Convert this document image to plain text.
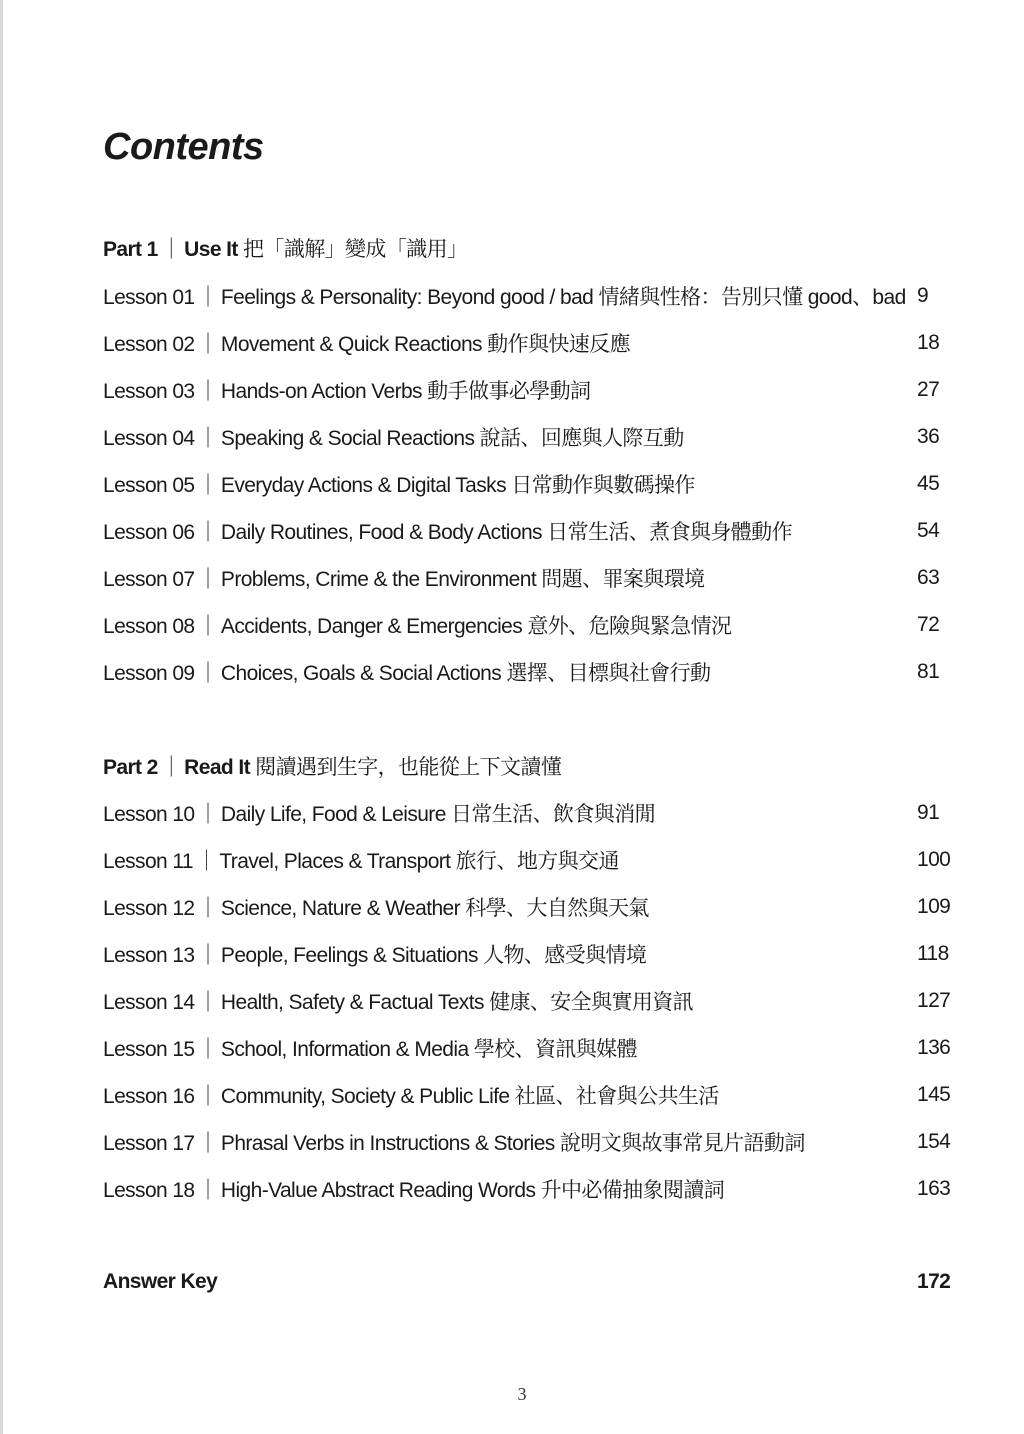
Contents
Part 1 ｜ Use It 把「識解」變成「識用」
Lesson 01 ｜ Feelings & Personality: Beyond good / bad 情緒與性格：告別只懂 good、bad 9
Lesson 02 ｜ Movement & Quick Reactions 動作與快速反應	18
Lesson 03 ｜ Hands-on Action Verbs 動手做事必學動詞	27
Lesson 04 ｜ Speaking & Social Reactions 說話、回應與人際互動	36
Lesson 05 ｜ Everyday Actions & Digital Tasks 日常動作與數碼操作	45
Lesson 06 ｜ Daily Routines, Food & Body Actions 日常生活、煮食與身體動作	54
Lesson 07 ｜ Problems, Crime & the Environment 問題、罪案與環境	63
Lesson 08 ｜ Accidents, Danger & Emergencies 意外、危險與緊急情況	72
Lesson 09 ｜ Choices, Goals & Social Actions 選擇、目標與社會行動	81
Part 2 ｜ Read It 閱讀遇到生字，也能從上下文讀懂
Lesson 10 ｜ Daily Life, Food & Leisure 日常生活、飲食與消閒	91
Lesson 11 ｜ Travel, Places & Transport 旅行、地方與交通	100
Lesson 12 ｜ Science, Nature & Weather 科學、大自然與天氣	109
Lesson 13 ｜ People, Feelings & Situations 人物、感受與情境	118
Lesson 14 ｜ Health, Safety & Factual Texts 健康、安全與實用資訊	127
Lesson 15 ｜ School, Information & Media 學校、資訊與媒體	136
Lesson 16 ｜ Community, Society & Public Life 社區、社會與公共生活	145
Lesson 17 ｜ Phrasal Verbs in Instructions & Stories 說明文與故事常見片語動詞	154
Lesson 18 ｜ High-Value Abstract Reading Words 升中必備抽象閱讀詞	163
Answer Key	172
3
